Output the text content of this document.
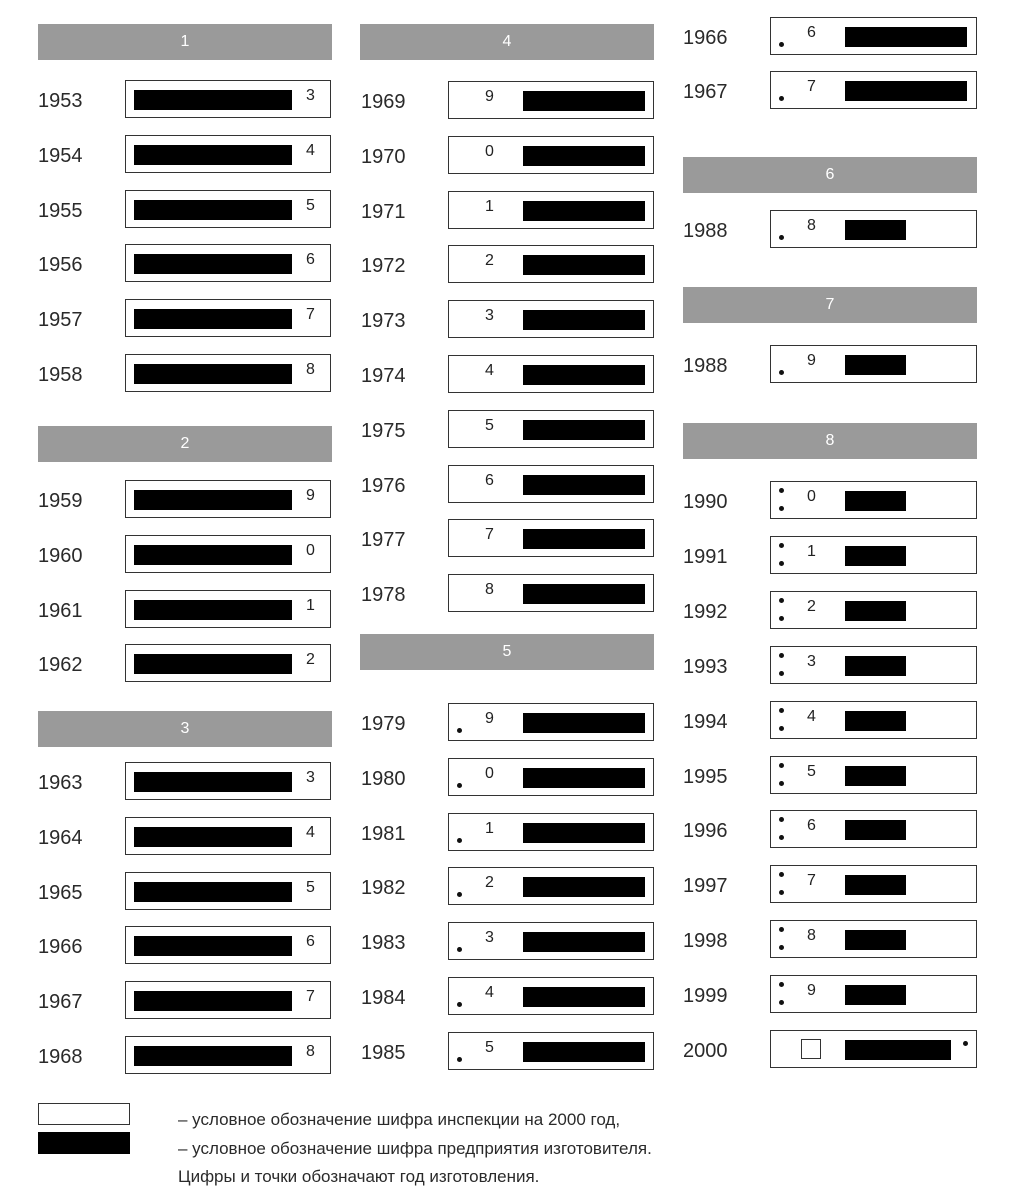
1
1953	3
1954	4
1955	5
1956	6
1957	7
1958	8
2
1959	9
1960	0
1961	1
1962	2
3
1963	3
1964	4
1965	5
1966	6
1967	7
1968	8
4
1969	9
1970	0
1971	1
1972	2
1973	3
1974	4
1975	5
1976	6
1977	7
1978	8
5
1979	9
1980	0
1981	1
1982	2
1983	3
1984	4
1985	5
1966	6
1967	7
6
1988	8
7
1988	9
8
1990	0
1991	1
1992	2
1993	3
1994	4
1995	5
1996	6
1997	7
1998	8
1999	9
2000
– условное обозначение шифра инспекции на 2000 год,
– условное обозначение шифра предприятия изготовителя.
Цифры и точки обозначают год изготовления.
